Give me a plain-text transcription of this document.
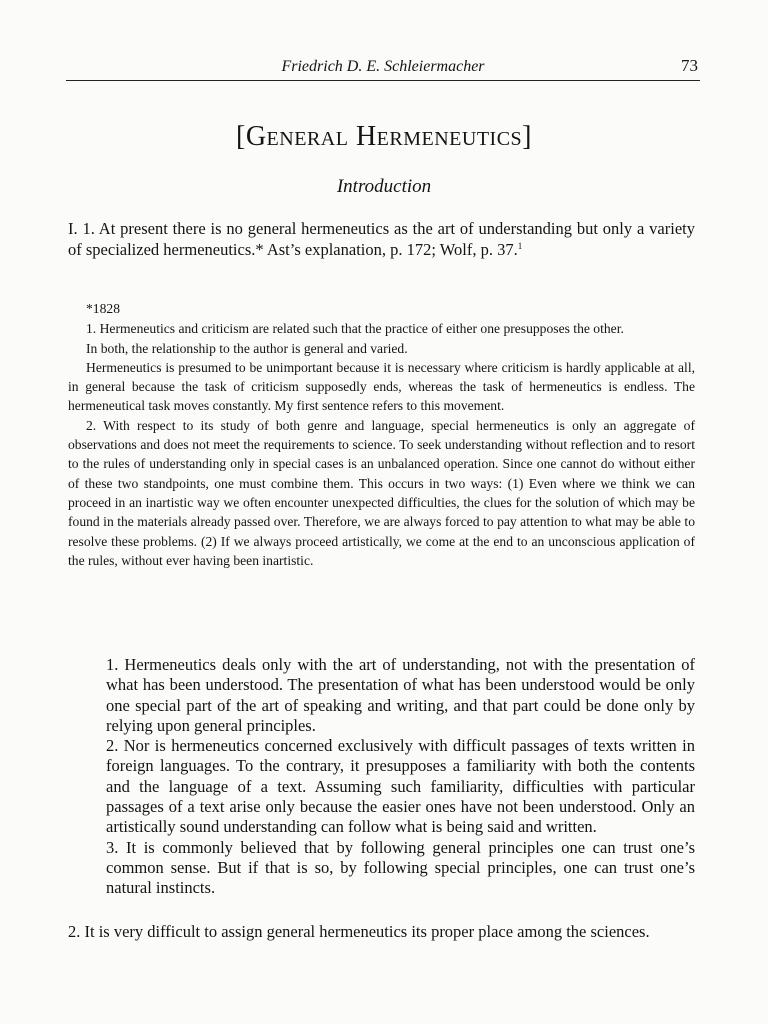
Friedrich D. E. Schleiermacher	73
[General Hermeneutics]
Introduction

I. 1. At present there is no general hermeneutics as the art of understanding but only a variety of specialized hermeneutics.* Ast’s explanation, p. 172; Wolf, p. 37.$^1$

*1828

1. Hermeneutics and criticism are related such that the practice of either one presupposes the other.

In both, the relationship to the author is general and varied.

Hermeneutics is presumed to be unimportant because it is necessary where criticism is hardly applicable at all, in general because the task of criticism supposedly ends, whereas the task of hermeneutics is endless. The hermeneutical task moves constantly. My first sentence refers to this movement.

2. With respect to its study of both genre and language, special hermeneutics is only an aggregate of observations and does not meet the requirements to science. To seek understanding without reflection and to resort to the rules of understanding only in special cases is an unbalanced operation. Since one cannot do without either of these two standpoints, one must combine them. This occurs in two ways: (1) Even where we think we can proceed in an inartistic way we often encounter unexpected difficulties, the clues for the solution of which may be found in the materials already passed over. Therefore, we are always forced to pay attention to what may be able to resolve these problems. (2) If we always proceed artistically, we come at the end to an unconscious application of the rules, without ever having been inartistic.

1. Hermeneutics deals only with the art of understanding, not with the presentation of what has been understood. The presentation of what has been understood would be only one special part of the art of speaking and writing, and that part could be done only by relying upon general principles.

2. Nor is hermeneutics concerned exclusively with difficult passages of texts written in foreign languages. To the contrary, it presupposes a familiarity with both the contents and the language of a text. Assuming such familiarity, difficulties with particular passages of a text arise only because the easier ones have not been understood. Only an artistically sound understanding can follow what is being said and written.

3. It is commonly believed that by following general principles one can trust one’s common sense. But if that is so, by following special principles, one can trust one’s natural instincts.

2. It is very difficult to assign general hermeneutics its proper place among the sciences.
